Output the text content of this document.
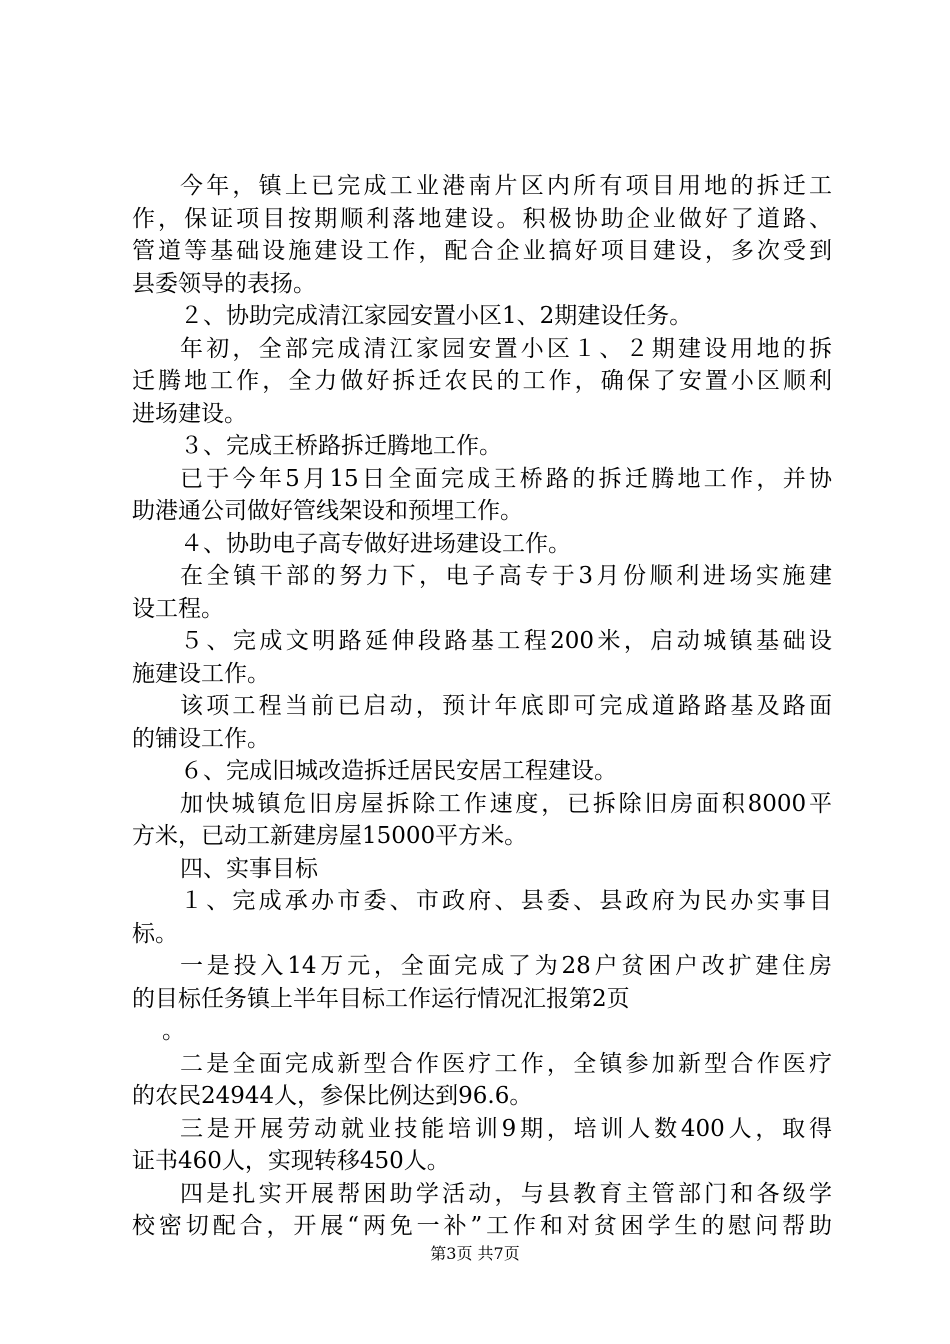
今年，镇上已完成工业港南片区内所有项目用地的拆迁工
作，保证项目按期顺利落地建设。积极协助企业做好了道路、
管道等基础设施建设工作，配合企业搞好项目建设，多次受到
县委领导的表扬。
２、协助完成清江家园安置小区1、2期建设任务。
年初，全部完成清江家园安置小区１、２期建设用地的拆
迁腾地工作，全力做好拆迁农民的工作，确保了安置小区顺利
进场建设。
３、完成王桥路拆迁腾地工作。
已于今年5月15日全面完成王桥路的拆迁腾地工作，并协
助港通公司做好管线架设和预埋工作。
４、协助电子高专做好进场建设工作。
在全镇干部的努力下，电子高专于3月份顺利进场实施建
设工程。
５、完成文明路延伸段路基工程200米，启动城镇基础设
施建设工作。
该项工程当前已启动，预计年底即可完成道路路基及路面
的铺设工作。
６、完成旧城改造拆迁居民安居工程建设。
加快城镇危旧房屋拆除工作速度，已拆除旧房面积8000平
方米，已动工新建房屋15000平方米。
四、实事目标
１、完成承办市委、市政府、县委、县政府为民办实事目
标。
一是投入14万元，全面完成了为28户贫困户改扩建住房
的目标任务镇上半年目标工作运行情况汇报第2页
。
二是全面完成新型合作医疗工作，全镇参加新型合作医疗
的农民24944人，参保比例达到96.6。
三是开展劳动就业技能培训9期，培训人数400人，取得
证书460人，实现转移450人。
四是扎实开展帮困助学活动，与县教育主管部门和各级学
校密切配合，开展“两免一补”工作和对贫困学生的慰问帮助
第3页 共7页
